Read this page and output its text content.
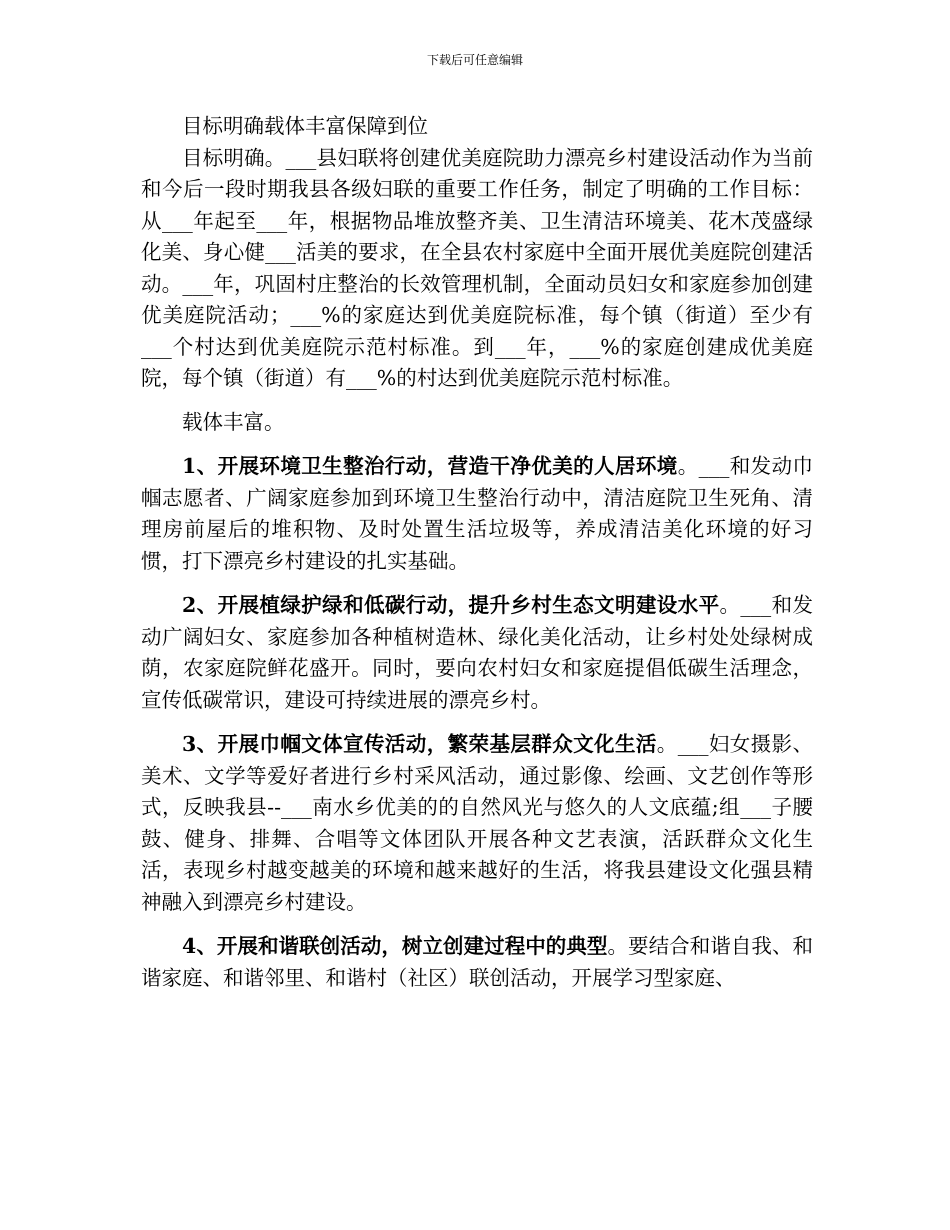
下载后可任意编辑

目标明确载体丰富保障到位

目标明确。___县妇联将创建优美庭院助力漂亮乡村建设活动作为当前和今后一段时期我县各级妇联的重要工作任务，制定了明确的工作目标：从___年起至___年，根据物品堆放整齐美、卫生清洁环境美、花木茂盛绿化美、身心健___活美的要求，在全县农村家庭中全面开展优美庭院创建活动。___年，巩固村庄整治的长效管理机制，全面动员妇女和家庭参加创建优美庭院活动；___%的家庭达到优美庭院标准，每个镇（街道）至少有___个村达到优美庭院示范村标准。到___年，___%的家庭创建成优美庭院，每个镇（街道）有___%的村达到优美庭院示范村标准。

载体丰富。

1、开展环境卫生整治行动，营造干净优美的人居环境。___和发动巾帼志愿者、广阔家庭参加到环境卫生整治行动中，清洁庭院卫生死角、清理房前屋后的堆积物、及时处置生活垃圾等，养成清洁美化环境的好习惯，打下漂亮乡村建设的扎实基础。

2、开展植绿护绿和低碳行动，提升乡村生态文明建设水平。___和发动广阔妇女、家庭参加各种植树造林、绿化美化活动，让乡村处处绿树成荫，农家庭院鲜花盛开。同时，要向农村妇女和家庭提倡低碳生活理念，宣传低碳常识，建设可持续进展的漂亮乡村。

3、开展巾帼文体宣传活动，繁荣基层群众文化生活。___妇女摄影、美术、文学等爱好者进行乡村采风活动，通过影像、绘画、文艺创作等形式，反映我县--___南水乡优美的的自然风光与悠久的人文底蕴;组___子腰鼓、健身、排舞、合唱等文体团队开展各种文艺表演，活跃群众文化生活，表现乡村越变越美的环境和越来越好的生活，将我县建设文化强县精神融入到漂亮乡村建设。

4、开展和谐联创活动，树立创建过程中的典型。要结合和谐自我、和谐家庭、和谐邻里、和谐村（社区）联创活动，开展学习型家庭、
